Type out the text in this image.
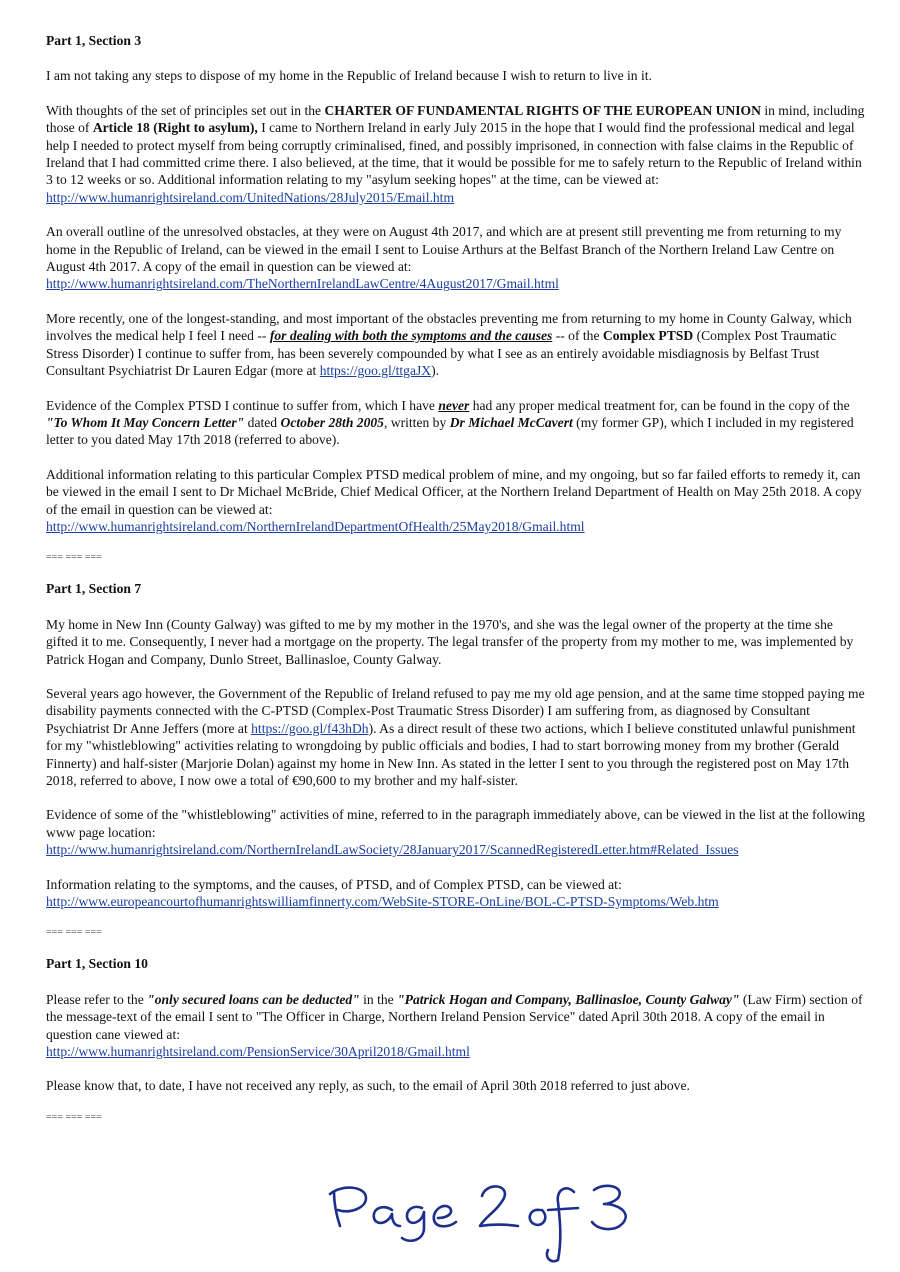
Part 1, Section 3

I am not taking any steps to dispose of my home in the Republic of Ireland because I wish to return to live in it.

With thoughts of the set of principles set out in the CHARTER OF FUNDAMENTAL RIGHTS OF THE EUROPEAN UNION in mind, including those of Article 18 (Right to asylum), I came to Northern Ireland in early July 2015 in the hope that I would find the professional medical and legal help I needed to protect myself from being corruptly criminalised, fined, and possibly imprisoned, in connection with false claims in the Republic of Ireland that I had committed crime there. I also believed, at the time, that it would be possible for me to safely return to the Republic of Ireland within 3 to 12 weeks or so. Additional information relating to my "asylum seeking hopes" at the time, can be viewed at:
http://www.humanrightsireland.com/UnitedNations/28July2015/Email.htm

An overall outline of the unresolved obstacles, at they were on August 4th 2017, and which are at present still preventing me from returning to my home in the Republic of Ireland, can be viewed in the email I sent to Louise Arthurs at the Belfast Branch of the Northern Ireland Law Centre on August 4th 2017. A copy of the email in question can be viewed at:
http://www.humanrightsireland.com/TheNorthernIrelandLawCentre/4August2017/Gmail.html

More recently, one of the longest-standing, and most important of the obstacles preventing me from returning to my home in County Galway, which involves the medical help I feel I need -- for dealing with both the symptoms and the causes -- of the Complex PTSD (Complex Post Traumatic Stress Disorder) I continue to suffer from, has been severely compounded by what I see as an entirely avoidable misdiagnosis by Belfast Trust Consultant Psychiatrist Dr Lauren Edgar (more at https://goo.gl/ttgaJX).

Evidence of the Complex PTSD I continue to suffer from, which I have never had any proper medical treatment for, can be found in the copy of the "To Whom It May Concern Letter" dated October 28th 2005, written by Dr Michael McCavert (my former GP), which I included in my registered letter to you dated May 17th 2018 (referred to above).

Additional information relating to this particular Complex PTSD medical problem of mine, and my ongoing, but so far failed efforts to remedy it, can be viewed in the email I sent to Dr Michael McBride, Chief Medical Officer, at the Northern Ireland Department of Health on May 25th 2018. A copy of the email in question can be viewed at:
http://www.humanrightsireland.com/NorthernIrelandDepartmentOfHealth/25May2018/Gmail.html

=== === ===
Part 1, Section 7

My home in New Inn (County Galway) was gifted to me by my mother in the 1970's, and she was the legal owner of the property at the time she gifted it to me. Consequently, I never had a mortgage on the property. The legal transfer of the property from my mother to me, was implemented by Patrick Hogan and Company, Dunlo Street, Ballinasloe, County Galway.

Several years ago however, the Government of the Republic of Ireland refused to pay me my old age pension, and at the same time stopped paying me disability payments connected with the C-PTSD (Complex-Post Traumatic Stress Disorder) I am suffering from, as diagnosed by Consultant Psychiatrist Dr Anne Jeffers (more at https://goo.gl/f43hDh). As a direct result of these two actions, which I believe constituted unlawful punishment for my "whistleblowing" activities relating to wrongdoing by public officials and bodies, I had to start borrowing money from my brother (Gerald Finnerty) and half-sister (Marjorie Dolan) against my home in New Inn. As stated in the letter I sent to you through the registered post on May 17th 2018, referred to above, I now owe a total of €90,600 to my brother and my half-sister.

Evidence of some of the "whistleblowing" activities of mine, referred to in the paragraph immediately above, can be viewed in the list at the following www page location:
http://www.humanrightsireland.com/NorthernIrelandLawSociety/28January2017/ScannedRegisteredLetter.htm#Related_Issues

Information relating to the symptoms, and the causes, of PTSD, and of Complex PTSD, can be viewed at:
http://www.europeancourtofhumanrightswilliamfinnerty.com/WebSite-STORE-OnLine/BOL-C-PTSD-Symptoms/Web.htm

=== === ===
Part 1, Section 10

Please refer to the "only secured loans can be deducted" in the "Patrick Hogan and Company, Ballinasloe, County Galway" (Law Firm) section of the message-text of the email I sent to "The Officer in Charge, Northern Ireland Pension Service" dated April 30th 2018. A copy of the email in question cane viewed at:
http://www.humanrightsireland.com/PensionService/30April2018/Gmail.html

Please know that, to date, I have not received any reply, as such, to the email of April 30th 2018 referred to just above.

=== === ===
